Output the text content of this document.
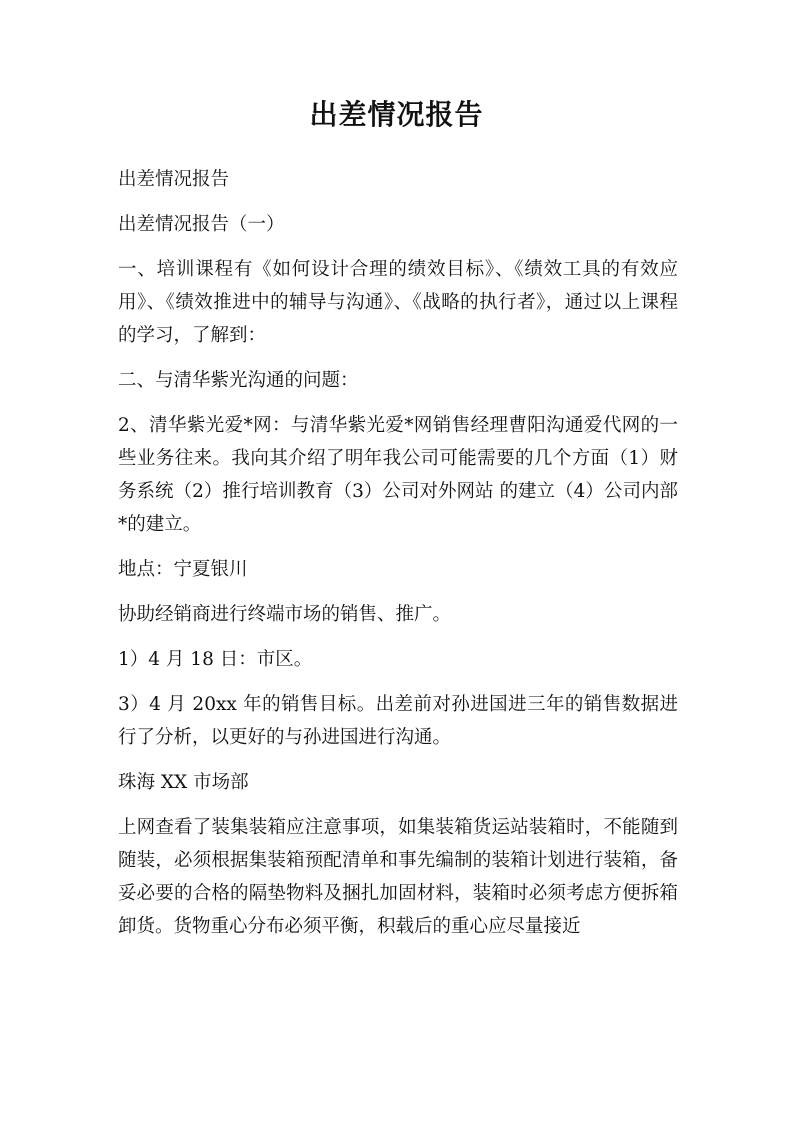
出差情况报告

出差情况报告

出差情况报告（一）

一、培训课程有《如何设计合理的绩效目标》、《绩效工具的有效应用》、《绩效推进中的辅导与沟通》、《战略的执行者》，通过以上课程的学习，了解到：

二、与清华紫光沟通的问题：

2、清华紫光爱*网：与清华紫光爱*网销售经理曹阳沟通爱代网的一些业务往来。我向其介绍了明年我公司可能需要的几个方面（1）财务系统（2）推行培训教育（3）公司对外网站 的建立（4）公司内部*的建立。

地点：宁夏银川

协助经销商进行终端市场的销售、推广。

1）4 月 18 日：市区。

3）4 月 20xx 年的销售目标。出差前对孙进国进三年的销售数据进行了分析，以更好的与孙进国进行沟通。

珠海 XX 市场部

上网查看了装集装箱应注意事项，如集装箱货运站装箱时，不能随到随装，必须根据集装箱预配清单和事先编制的装箱计划进行装箱，备妥必要的合格的隔垫物料及捆扎加固材料，装箱时必须考虑方便拆箱卸货。货物重心分布必须平衡，积载后的重心应尽量接近
